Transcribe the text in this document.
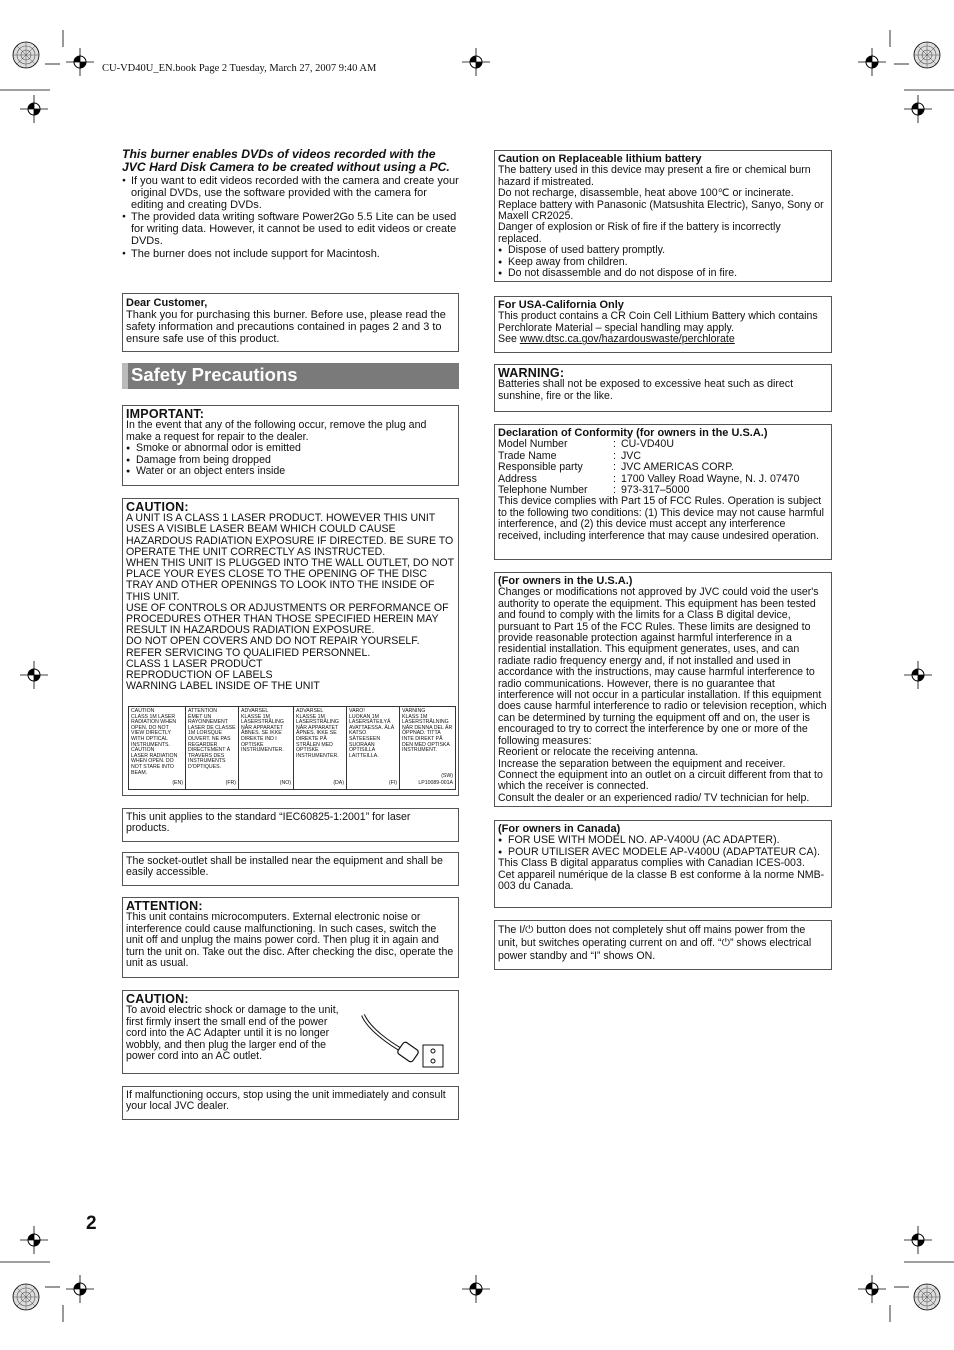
CU-VD40U_EN.book Page 2 Tuesday, March 27, 2007 9:40 AM

This burner enables DVDs of videos recorded with the JVC Hard Disk Camera to be created without using a PC.

● If you want to edit videos recorded with the camera and create your original DVDs, use the software provided with the camera for editing and creating DVDs.
● The provided data writing software Power2Go 5.5 Lite can be used for writing data. However, it cannot be used to edit videos or create DVDs.
● The burner does not include support for Macintosh.

Dear Customer,

Thank you for purchasing this burner. Before use, please read the safety information and precautions contained in pages 2 and 3 to ensure safe use of this product.

Safety Precautions

IMPORTANT:

In the event that any of the following occur, remove the plug and make a request for repair to the dealer.

● Smoke or abnormal odor is emitted
● Damage from being dropped
● Water or an object enters inside

CAUTION:

A UNIT IS A CLASS 1 LASER PRODUCT. HOWEVER THIS UNIT USES A VISIBLE LASER BEAM WHICH COULD CAUSE HAZARDOUS RADIATION EXPOSURE IF DIRECTED. BE SURE TO OPERATE THE UNIT CORRECTLY AS INSTRUCTED.

WHEN THIS UNIT IS PLUGGED INTO THE WALL OUTLET, DO NOT PLACE YOUR EYES CLOSE TO THE OPENING OF THE DISC TRAY AND OTHER OPENINGS TO LOOK INTO THE INSIDE OF THIS UNIT.

USE OF CONTROLS OR ADJUSTMENTS OR PERFORMANCE OF PROCEDURES OTHER THAN THOSE SPECIFIED HEREIN MAY RESULT IN HAZARDOUS RADIATION EXPOSURE.

DO NOT OPEN COVERS AND DO NOT REPAIR YOURSELF.

REFER SERVICING TO QUALIFIED PERSONNEL.

CLASS 1 LASER PRODUCT

REPRODUCTION OF LABELS

WARNING LABEL INSIDE OF THE UNIT

CAUTION
CLASS 1M LASER RADIATION WHEN OPEN. DO NOT VIEW DIRECTLY WITH OPTICAL INSTRUMENTS.
CAUTION
LASER RADIATION WHEN OPEN. DO NOT STARE INTO BEAM.
(EN)
ATTENTION
ÉMET UN RAYONNEMENT LASER DE CLASSE 1M LORSQUE OUVERT. NE PAS REGARDER DIRECTEMENT À TRAVERS DES INSTRUMENTS D'OPTIQUES.
(FR)
ADVARSEL
KLASSE 1M LASERSTRÅLING NÅR APPARATET ÅBNES. SE IKKE DIREKTE IND I OPTISKE INSTRUMENTER.
(NO)
ADVARSEL
KLASSE 1M LASERSTRÅLING NÅR APPARATET ÅPNES. IKKE SE DIREKTE PÅ STRÅLEN MED OPTISKE INSTRUMENTER.
(DA)
VARO!
LUOKAN 1M LASERSÄTEILYÄ AVATTAESSA. ÄLÄ KATSO SÄTEESEEN SUORAAN OPTISILLA LAITTEILLA.
(FI)
VARNING
KLASS 1M LASERSTRÅLNING NÄR DENNA DEL ÄR ÖPPNAD. TITTA INTE DIREKT PÅ DEN MED OPTISKA INSTRUMENT.
(SW)
LP10089-001A

This unit applies to the standard “IEC60825-1:2001” for laser products.

The socket-outlet shall be installed near the equipment and shall be easily accessible.

ATTENTION:

This unit contains microcomputers. External electronic noise or interference could cause malfunctioning. In such cases, switch the unit off and unplug the mains power cord. Then plug it in again and turn the unit on. Take out the disc. After checking the disc, operate the unit as usual.

CAUTION:

To avoid electric shock or damage to the unit, first firmly insert the small end of the power cord into the AC Adapter until it is no longer wobbly, and then plug the larger end of the power cord into an AC outlet.

If malfunctioning occurs, stop using the unit immediately and consult your local JVC dealer.

2

Caution on Replaceable lithium battery

The battery used in this device may present a fire or chemical burn hazard if mistreated.

Do not recharge, disassemble, heat above 100℃ or incinerate.

Replace battery with Panasonic (Matsushita Electric), Sanyo, Sony or Maxell CR2025.

Danger of explosion or Risk of fire if the battery is incorrectly replaced.

● Dispose of used battery promptly.
● Keep away from children.
● Do not disassemble and do not dispose of in fire.

For USA-California Only

This product contains a CR Coin Cell Lithium Battery which contains Perchlorate Material – special handling may apply.

See www.dtsc.ca.gov/hazardouswaste/perchlorate

WARNING:

Batteries shall not be exposed to excessive heat such as direct sunshine, fire or the like.

Declaration of Conformity (for owners in the U.S.A.)

Model Number	: CU-VD40U
Trade Name	: JVC
Responsible party	: JVC AMERICAS CORP.
Address	: 1700 Valley Road Wayne, N. J. 07470
Telephone Number	: 973-317–5000

This device complies with Part 15 of FCC Rules. Operation is subject to the following two conditions: (1) This device may not cause harmful interference, and (2) this device must accept any interference received, including interference that may cause undesired operation.

(For owners in the U.S.A.)

Changes or modifications not approved by JVC could void the user's authority to operate the equipment. This equipment has been tested and found to comply with the limits for a Class B digital device, pursuant to Part 15 of the FCC Rules. These limits are designed to provide reasonable protection against harmful interference in a residential installation. This equipment generates, uses, and can radiate radio frequency energy and, if not installed and used in accordance with the instructions, may cause harmful interference to radio communications. However, there is no guarantee that interference will not occur in a particular installation. If this equipment does cause harmful interference to radio or television reception, which can be determined by turning the equipment off and on, the user is encouraged to try to correct the interference by one or more of the following measures:

Reorient or relocate the receiving antenna.

Increase the separation between the equipment and receiver.

Connect the equipment into an outlet on a circuit different from that to which the receiver is connected.

Consult the dealer or an experienced radio/ TV technician for help.

(For owners in Canada)

● FOR USE WITH MODEL NO. AP-V400U (AC ADAPTER).
● POUR UTILISER AVEC MODELE AP-V400U (ADAPTATEUR CA).

This Class B digital apparatus complies with Canadian ICES-003.
Cet appareil numérique de la classe B est conforme à la norme NMB-003 du Canada.

The I/⏻ button does not completely shut off mains power from the unit, but switches operating current on and off. “⏻” shows electrical power standby and “I” shows ON.
